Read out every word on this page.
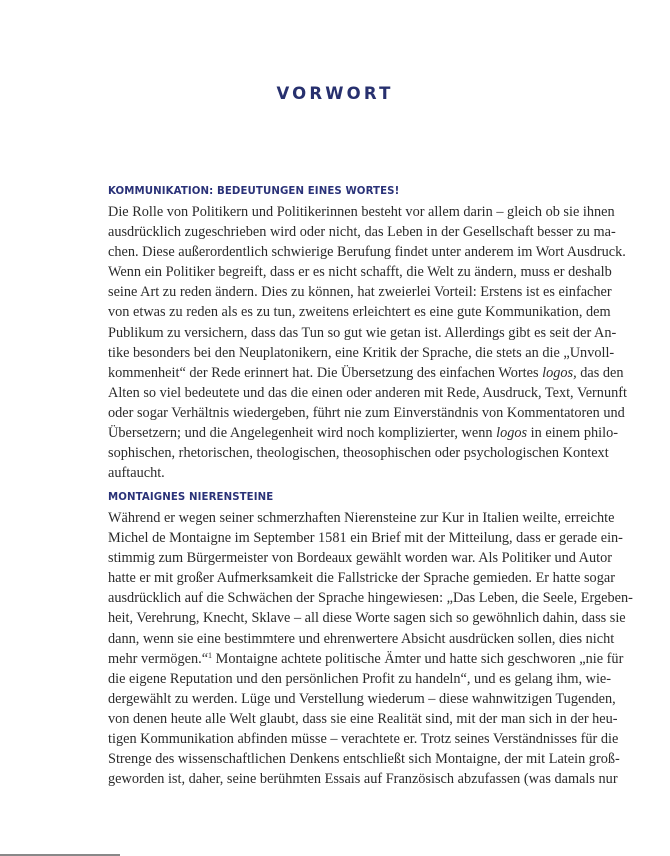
VORWORT
KOMMUNIKATION: BEDEUTUNGEN EINES WORTES!
Die Rolle von Politikern und Politikerinnen besteht vor allem darin – gleich ob sie ihnen
ausdrücklich zugeschrieben wird oder nicht, das Leben in der Gesellschaft besser zu ma-
chen. Diese außerordentlich schwierige Berufung findet unter anderem im Wort Ausdruck.
Wenn ein Politiker begreift, dass er es nicht schafft, die Welt zu ändern, muss er deshalb
seine Art zu reden ändern. Dies zu können, hat zweierlei Vorteil: Erstens ist es einfacher
von etwas zu reden als es zu tun, zweitens erleichtert es eine gute Kommunikation, dem
Publikum zu versichern, dass das Tun so gut wie getan ist. Allerdings gibt es seit der An-
tike besonders bei den Neuplatonikern, eine Kritik der Sprache, die stets an die „Unvoll-
kommenheit“ der Rede erinnert hat. Die Übersetzung des einfachen Wortes logos, das den
Alten so viel bedeutete und das die einen oder anderen mit Rede, Ausdruck, Text, Vernunft
oder sogar Verhältnis wiedergeben, führt nie zum Einverständnis von Kommentatoren und
Übersetzern; und die Angelegenheit wird noch komplizierter, wenn logos in einem philo-
sophischen, rhetorischen, theologischen, theosophischen oder psychologischen Kontext
auftaucht.
MONTAIGNES NIERENSTEINE
Während er wegen seiner schmerzhaften Nierensteine zur Kur in Italien weilte, erreichte
Michel de Montaigne im September 1581 ein Brief mit der Mitteilung, dass er gerade ein-
stimmig zum Bürgermeister von Bordeaux gewählt worden war. Als Politiker und Autor
hatte er mit großer Aufmerksamkeit die Fallstricke der Sprache gemieden. Er hatte sogar
ausdrücklich auf die Schwächen der Sprache hingewiesen: „Das Leben, die Seele, Ergeben-
heit, Verehrung, Knecht, Sklave – all diese Worte sagen sich so gewöhnlich dahin, dass sie
dann, wenn sie eine bestimmtere und ehrenwertere Absicht ausdrücken sollen, dies nicht
mehr vermögen.“$^1$ Montaigne achtete politische Ämter und hatte sich geschworen „nie für
die eigene Reputation und den persönlichen Profit zu handeln“, und es gelang ihm, wie-
dergewählt zu werden. Lüge und Verstellung wiederum – diese wahnwitzigen Tugenden,
von denen heute alle Welt glaubt, dass sie eine Realität sind, mit der man sich in der heu-
tigen Kommunikation abfinden müsse – verachtete er. Trotz seines Verständnisses für die
Strenge des wissenschaftlichen Denkens entschließt sich Montaigne, der mit Latein groß-
geworden ist, daher, seine berühmten Essais auf Französisch abzufassen (was damals nur
